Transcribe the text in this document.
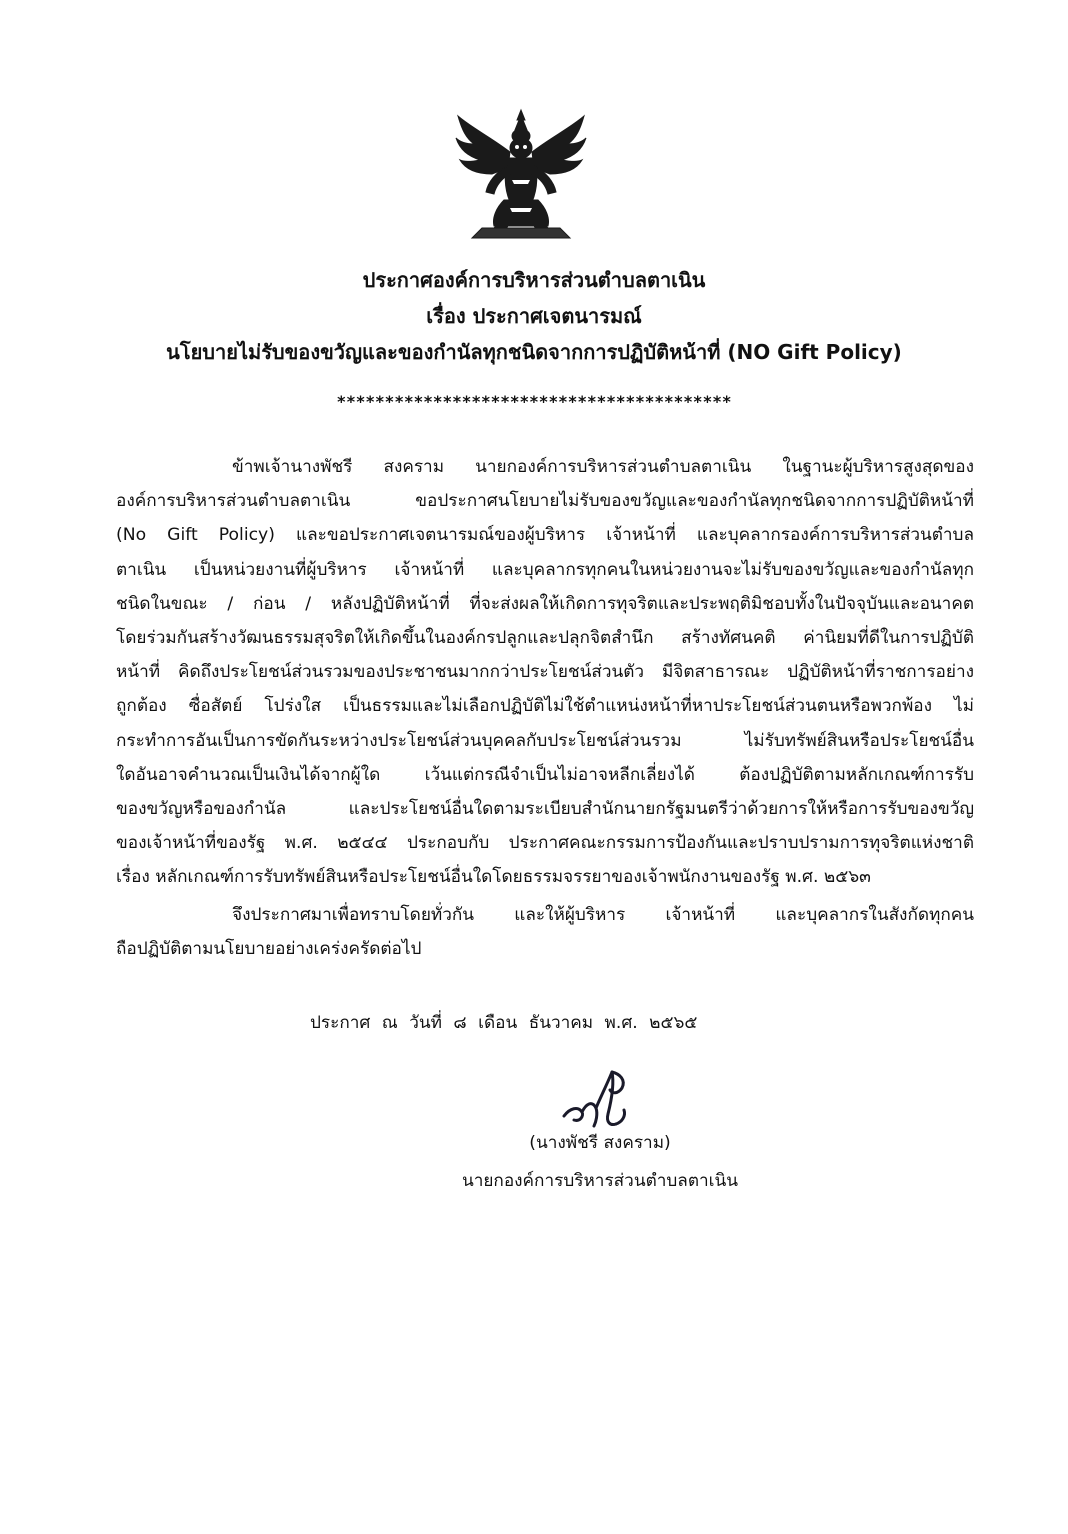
ประกาศองค์การบริหารส่วนตำบลตาเนิน
เรื่อง ประกาศเจตนารมณ์
นโยบายไม่รับของขวัญและของกำนัลทุกชนิดจากการปฏิบัติหน้าที่ (NO Gift Policy)
*****************************************
ข้าพเจ้านางพัชรี สงคราม นายกองค์การบริหารส่วนตำบลตาเนิน ในฐานะผู้บริหารสูงสุดของ
องค์การบริหารส่วนตำบลตาเนิน ขอประกาศนโยบายไม่รับของขวัญและของกำนัลทุกชนิดจากการปฏิบัติหน้าที่
(No Gift Policy) และขอประกาศเจตนารมณ์ของผู้บริหาร เจ้าหน้าที่ และบุคลากรองค์การบริหารส่วนตำบล
ตาเนิน เป็นหน่วยงานที่ผู้บริหาร เจ้าหน้าที่ และบุคลากรทุกคนในหน่วยงานจะไม่รับของขวัญและของกำนัลทุก
ชนิดในขณะ / ก่อน / หลังปฏิบัติหน้าที่ ที่จะส่งผลให้เกิดการทุจริตและประพฤติมิชอบทั้งในปัจจุบันและอนาคต
โดยร่วมกันสร้างวัฒนธรรมสุจริตให้เกิดขึ้นในองค์กรปลูกและปลุกจิตสำนึก สร้างทัศนคติ ค่านิยมที่ดีในการปฏิบัติ
หน้าที่ คิดถึงประโยชน์ส่วนรวมของประชาชนมากกว่าประโยชน์ส่วนตัว มีจิตสาธารณะ ปฏิบัติหน้าที่ราชการอย่าง
ถูกต้อง ซื่อสัตย์ โปร่งใส เป็นธรรมและไม่เลือกปฏิบัติไม่ใช้ตำแหน่งหน้าที่หาประโยชน์ส่วนตนหรือพวกพ้อง ไม่
กระทำการอันเป็นการขัดกันระหว่างประโยชน์ส่วนบุคคลกับประโยชน์ส่วนรวม ไม่รับทรัพย์สินหรือประโยชน์อื่น
ใดอันอาจคำนวณเป็นเงินได้จากผู้ใด เว้นแต่กรณีจำเป็นไม่อาจหลีกเลี่ยงได้ ต้องปฏิบัติตามหลักเกณฑ์การรับ
ของขวัญหรือของกำนัล และประโยชน์อื่นใดตามระเบียบสำนักนายกรัฐมนตรีว่าด้วยการให้หรือการรับของขวัญ
ของเจ้าหน้าที่ของรัฐ พ.ศ. ๒๕๔๔ ประกอบกับ ประกาศคณะกรรมการป้องกันและปราบปรามการทุจริตแห่งชาติ
เรื่อง หลักเกณฑ์การรับทรัพย์สินหรือประโยชน์อื่นใดโดยธรรมจรรยาของเจ้าพนักงานของรัฐ พ.ศ. ๒๕๖๓
จึงประกาศมาเพื่อทราบโดยทั่วกัน และให้ผู้บริหาร เจ้าหน้าที่ และบุคลากรในสังกัดทุกคน
ถือปฏิบัติตามนโยบายอย่างเคร่งครัดต่อไป
ประกาศ ณ วันที่ ๘ เดือน ธันวาคม พ.ศ. ๒๕๖๕
(นางพัชรี สงคราม)
นายกองค์การบริหารส่วนตำบลตาเนิน
